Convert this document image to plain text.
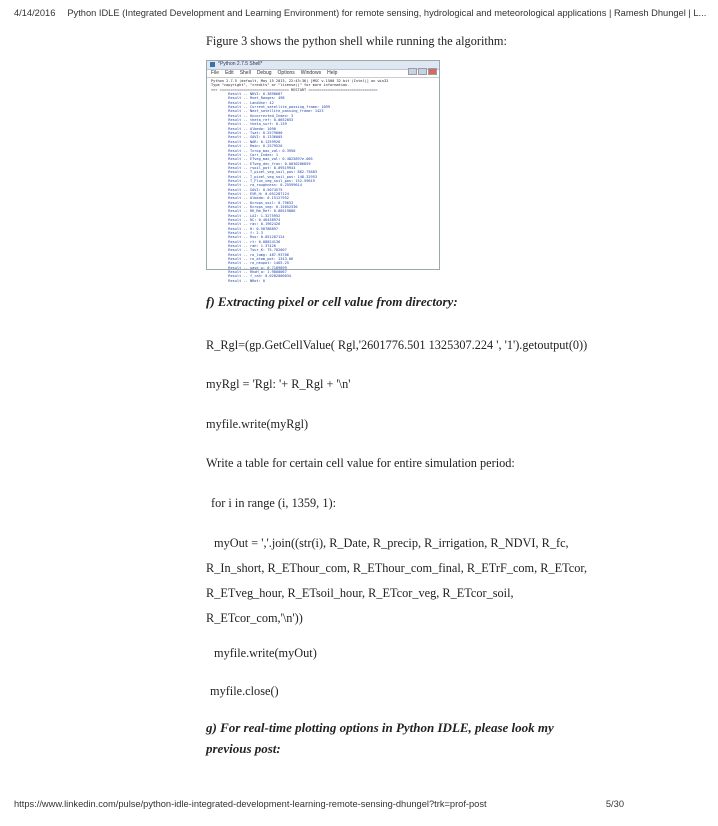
4/14/2016 Python IDLE (Integrated Development and Learning Environment) for remote sensing, hydrological and meteorological applications | Ramesh Dhungel | L...
Figure 3 shows the python shell while running the algorithm:
*Python 2.7.5 Shell*
File Edit Shell Debug Options Windows Help
Python 2.7.5 (default, May 15 2013, 22:43:36) [MSC v.1500 32 bit (Intel)] on win32
Type "copyright", "credits" or "license()" for more information.
>>> ================================ RESTART ================================
Result -- NDVI: 0.3890687
Result -- Rnet_Ranges: 498
Result -- LandUse: 42
Result -- Current_satellite_passing_frame: 1099
Result -- Next_satellite_passing_frame: 1423
Result -- Uncorrected_Index: 3
Result -- theta_ref: 0.0652053
Result -- theta_surf: 0.139
Result -- Albedo: 1090
Result -- Tsat: 0.2579000
Result -- SAVI: 0.1336005
Result -- NAR: 0.1259926
Result -- Rmin: 0.2579520
Result -- Tcrop_max_val: 0.3950
Result -- Corr_Index: 1
Result -- ETveg_max_val: 0.4825897e-005
Result -- ETveg_dec_frac: 0.0030286859
Result -- rsoil_pot: 0.09519944
Result -- T_pixel_veg_soil_pos: 862.75683
Result -- T_pixel_veg_soil_pos: 148.32953
Result -- T_Flux_veg_soil_pos: 152.59619
Result -- ra_roughness: 0.25599614
Result -- SAVI: 0.5074575
Result -- EVR_H: 0.051287124
Result -- Albedo: 0.15127952
Result -- Kcrops_soil: 0.79653
Result -- Kcrops_veg: 0.15052530
Result -- RH_Rm_Ref: 0.88519886
Result -- LAI: 1.3275952
Result -- RC: 0.46438974
Result -- rac: 0.1962426
Result -- H: 0.58788897
Result -- f: 2.3
Result -- Rso: 0.051287124
Result -- rt: 0.08824136
Result -- rah: 1.37426
Result -- Tsur_K: 75.702007
Result -- ro_lomg: 487.93706
Result -- ro_atom_pot: 1343.06
Result -- ro_neupot: 1465.25
Result -- uave_w: 0.7189899
Result -- RhoH_a: 1.9800067
Result -- f_rah: 0.0282000034
Result -- NRot: 0
f) Extracting pixel or cell value from directory:
R_Rgl=(gp.GetCellValue( Rgl,'2601776.501 1325307.224 ', '1').getoutput(0))
myRgl = 'Rgl: '+ R_Rgl + '\n'
myfile.write(myRgl)
Write a table for certain cell value for entire simulation period:
for i in range (i, 1359, 1):
myOut = ','.join((str(i), R_Date, R_precip, R_irrigation, R_NDVI, R_fc,
R_In_short, R_EThour_com, R_EThour_com_final, R_ETrF_com, R_ETcor,
R_ETveg_hour, R_ETsoil_hour, R_ETcor_veg, R_ETcor_soil,
R_ETcor_com,'\n'))
myfile.write(myOut)
myfile.close()
g) For real-time plotting options in Python IDLE, please look my
previous post:
https://www.linkedin.com/pulse/python-idle-integrated-development-learning-remote-sensing-dhungel?trk=prof-post	5/30
